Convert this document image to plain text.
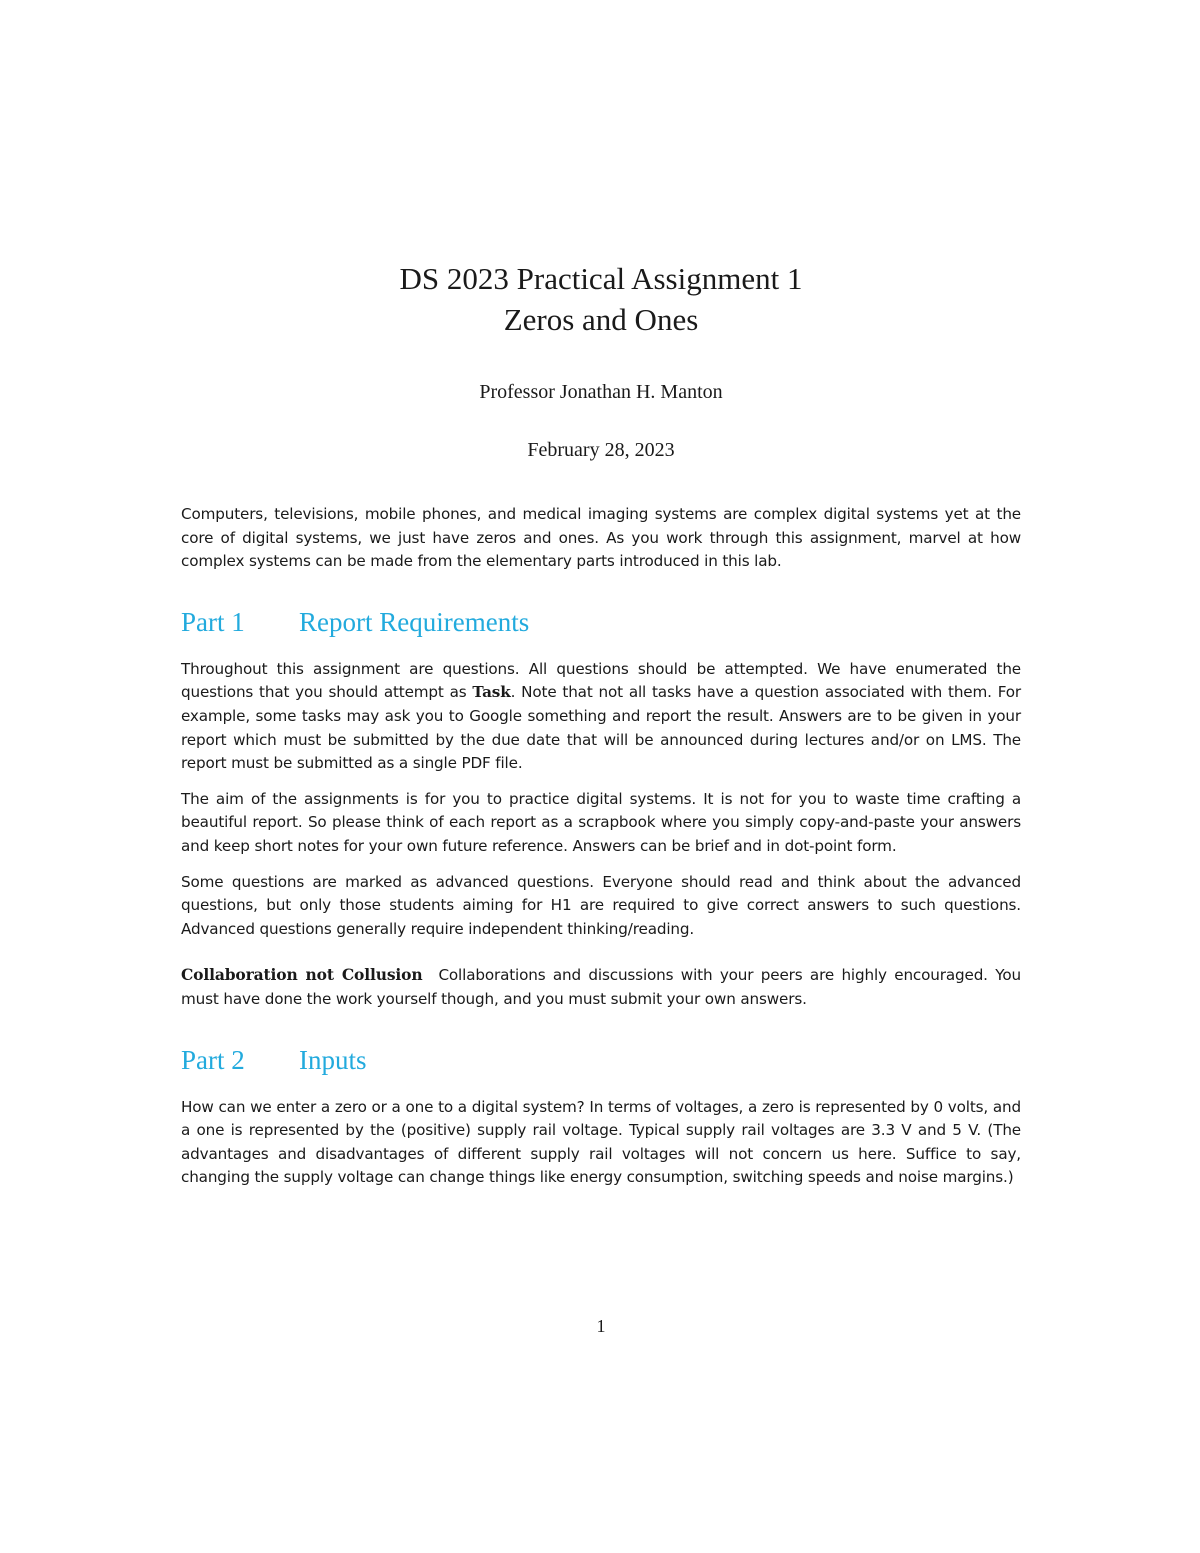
DS 2023 Practical Assignment 1
Zeros and Ones
Professor Jonathan H. Manton
February 28, 2023

Computers, televisions, mobile phones, and medical imaging systems are complex digital systems yet at the core of digital systems, we just have zeros and ones. As you work through this assignment, marvel at how complex systems can be made from the elementary parts introduced in this lab.

Part 1 Report Requirements

Throughout this assignment are questions. All questions should be attempted. We have enumerated the questions that you should attempt as Task. Note that not all tasks have a question associated with them. For example, some tasks may ask you to Google something and report the result. Answers are to be given in your report which must be submitted by the due date that will be announced during lectures and/or on LMS. The report must be submitted as a single PDF file.

The aim of the assignments is for you to practice digital systems. It is not for you to waste time crafting a beautiful report. So please think of each report as a scrapbook where you simply copy-and-paste your answers and keep short notes for your own future reference. Answers can be brief and in dot-point form.

Some questions are marked as advanced questions. Everyone should read and think about the advanced questions, but only those students aiming for H1 are required to give correct answers to such questions. Advanced questions generally require independent thinking/reading.

Collaboration not Collusion Collaborations and discussions with your peers are highly encouraged. You must have done the work yourself though, and you must submit your own answers.

Part 2 Inputs

How can we enter a zero or a one to a digital system? In terms of voltages, a zero is represented by 0 volts, and a one is represented by the (positive) supply rail voltage. Typical supply rail voltages are 3.3 V and 5 V. (The advantages and disadvantages of different supply rail voltages will not concern us here. Suffice to say, changing the supply voltage can change things like energy consumption, switching speeds and noise margins.)

1
